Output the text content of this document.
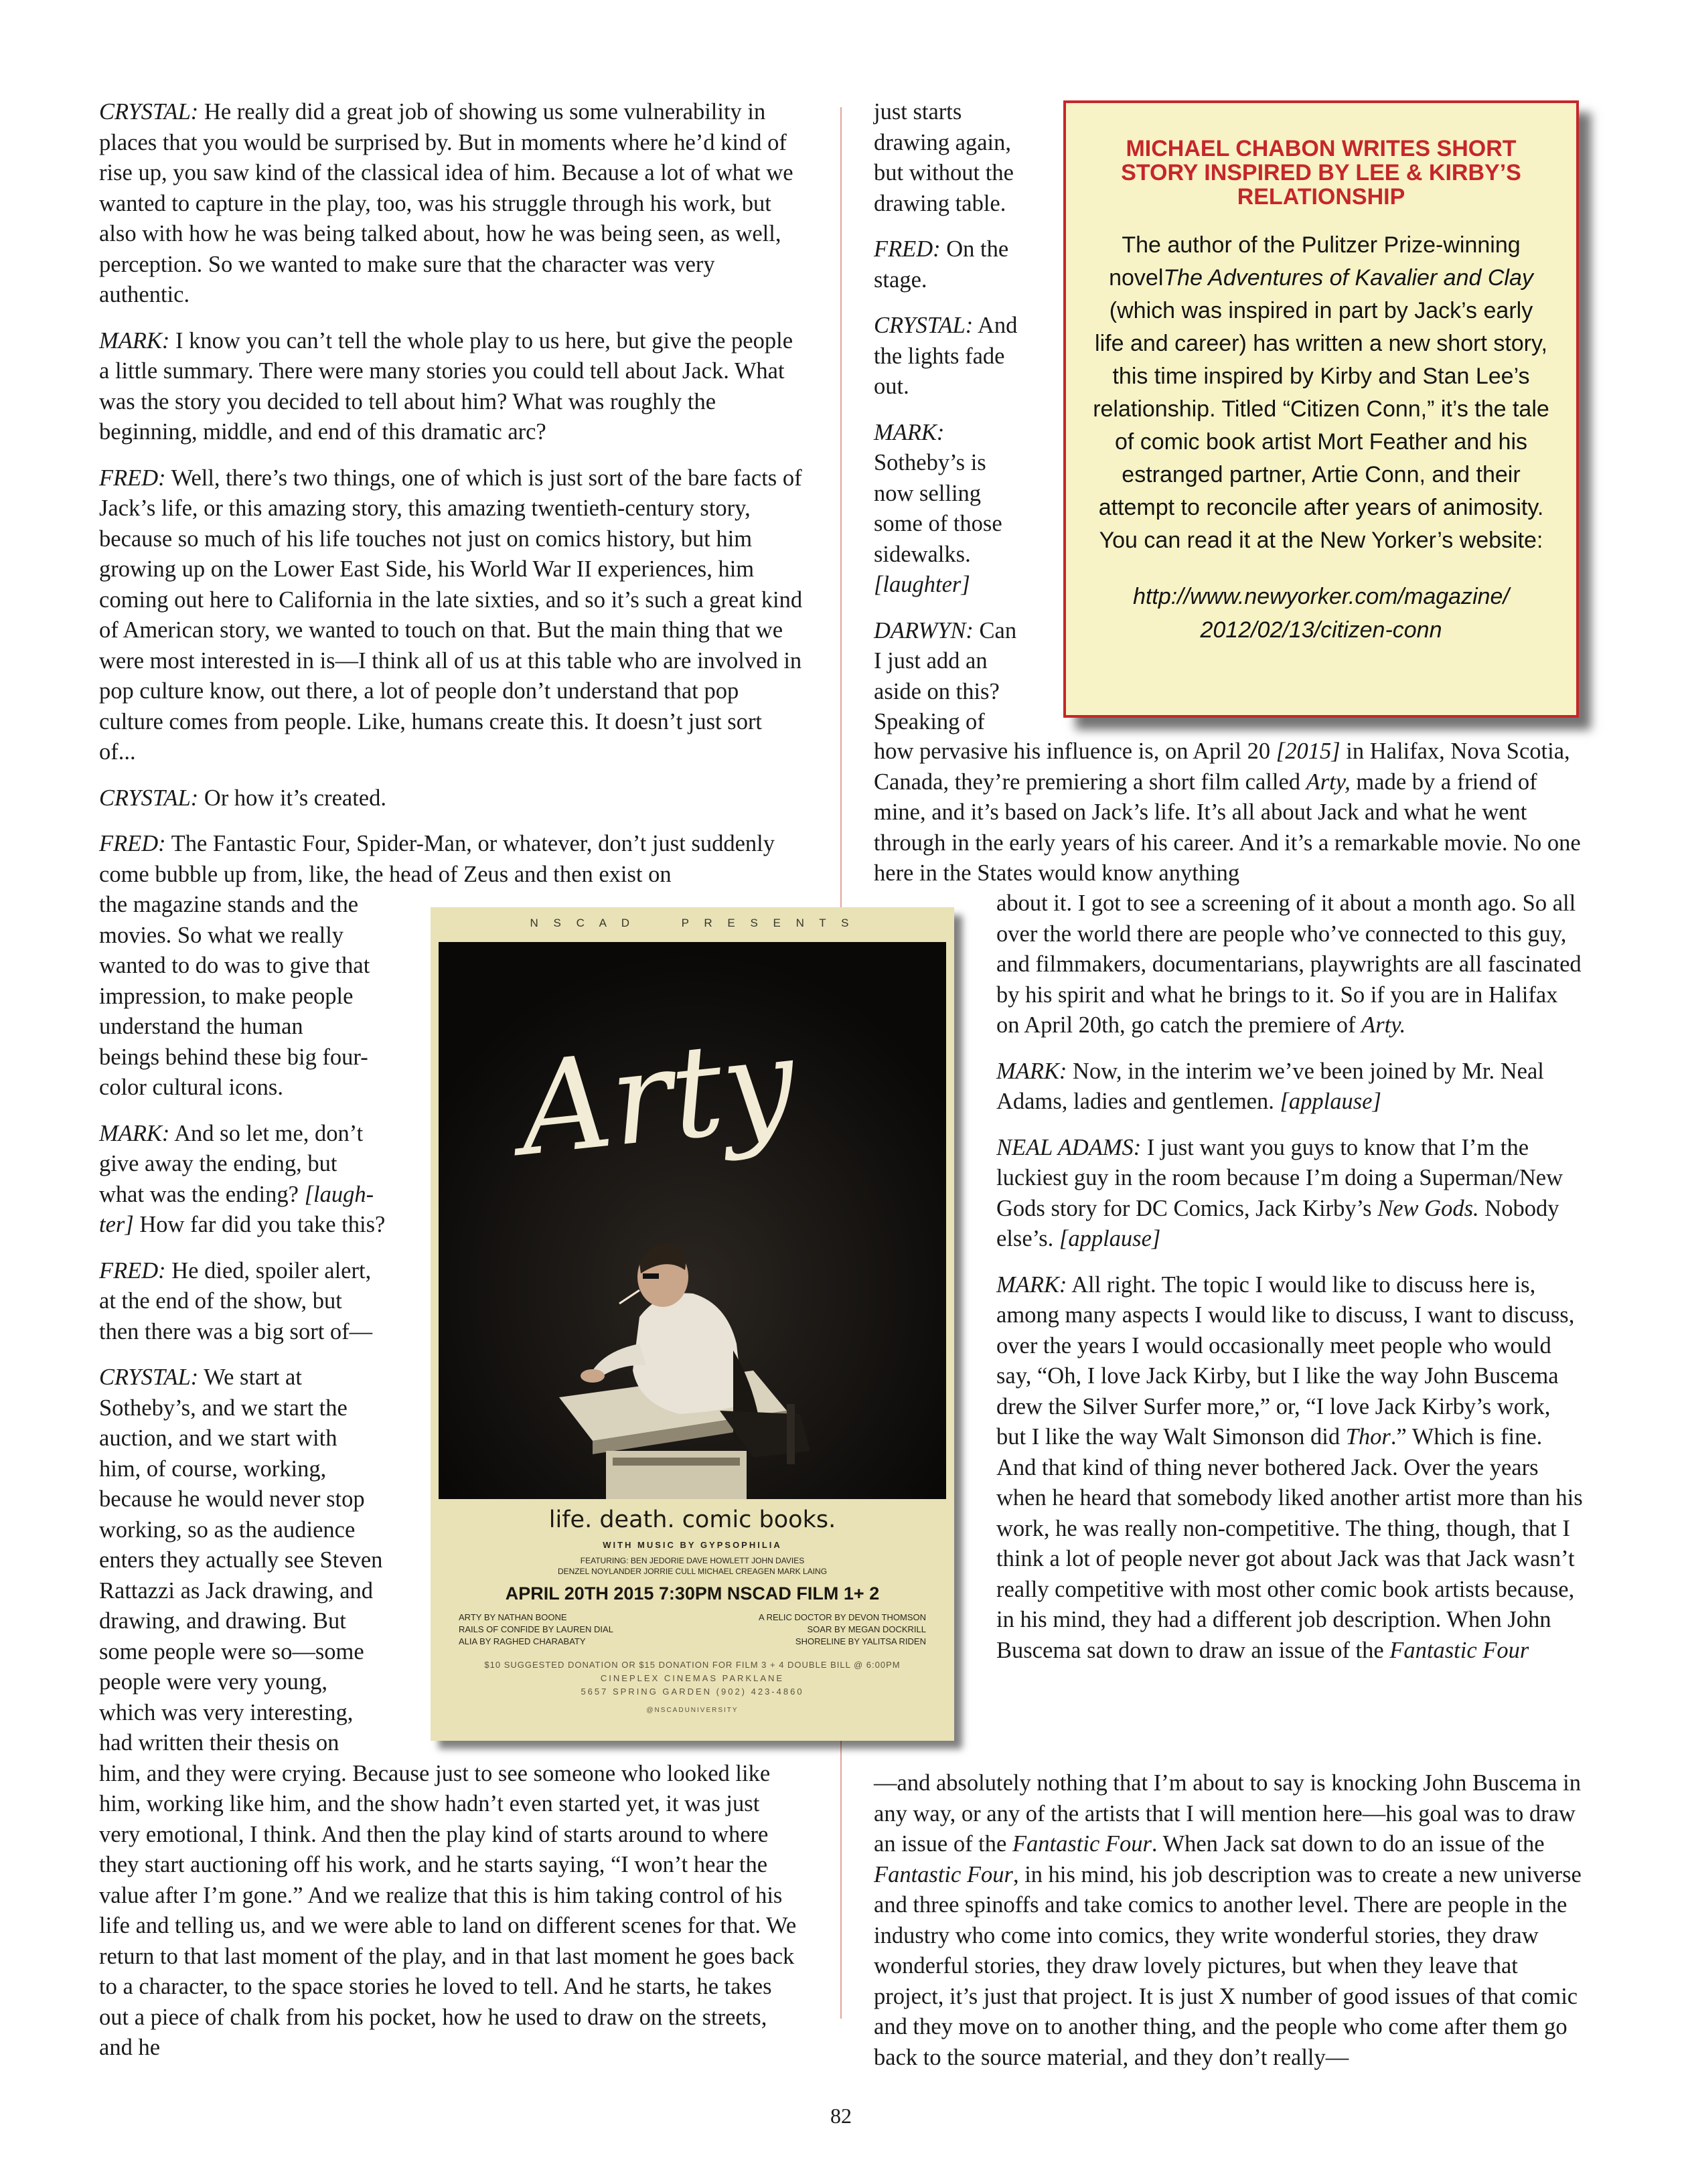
CRYSTAL: He really did a great job of showing us some vulnerability in places that you would be surprised by. But in moments where he’d kind of rise up, you saw kind of the classical idea of him. Because a lot of what we wanted to capture in the play, too, was his struggle through his work, but also with how he was being talked about, how he was being seen, as well, perception. So we wanted to make sure that the character was very authentic.

MARK: I know you can’t tell the whole play to us here, but give the people a little summary. There were many stories you could tell about Jack. What was the story you decided to tell about him? What was roughly the beginning, middle, and end of this dramatic arc?

FRED: Well, there’s two things, one of which is just sort of the bare facts of Jack’s life, or this amazing story, this amazing twentieth-century story, because so much of his life touches not just on comics history, but him growing up on the Lower East Side, his World War II experiences, him coming out here to California in the late sixties, and so it’s such a great kind of American story, we wanted to touch on that. But the main thing that we were most interested in is—I think all of us at this table who are involved in pop culture know, out there, a lot of people don’t understand that pop culture comes from people. Like, humans create this. It doesn’t just sort of...

CRYSTAL: Or how it’s created.

FRED: The Fantastic Four, Spider-Man, or whatever, don’t just suddenly come bubble up from, like, the head of Zeus and then exist on

the magazine stands and the
movies. So what we really
wanted to do was to give that
impression, to make people
understand the human
beings behind these big four-
color cultural icons.
MARK: And so let me, don’t
give away the ending, but
what was the ending? [laugh-
ter] How far did you take this?
FRED: He died, spoiler alert,
at the end of the show, but
then there was a big sort of—
CRYSTAL: We start at
Sotheby’s, and we start the
auction, and we start with
him, of course, working,
because he would never stop
working, so as the audience
enters they actually see Steven
Rattazzi as Jack drawing, and
drawing, and drawing. But
some people were so—some
people were very young,
which was very interesting,
had written their thesis on

him, and they were crying. Because just to see someone who looked like him, working like him, and the show hadn’t even started yet, it was just very emotional, I think. And then the play kind of starts around to where they start auctioning off his work, and he starts saying, “I won’t hear the value after I’m gone.” And we realize that this is him taking control of his life and telling us, and we were able to land on different scenes for that. We return to that last moment of the play, and in that last moment he goes back to a character, to the space stories he loved to tell. And he starts, he takes out a piece of chalk from his pocket, how he used to draw on the streets, and he

just starts
drawing again,
but without the
drawing table.

FRED: On the
stage.

CRYSTAL: And
the lights fade
out.

MARK:
Sotheby’s is
now selling
some of those
sidewalks.
[laughter]

DARWYN: Can
I just add an
aside on this?
Speaking of

how pervasive his influence is, on April 20 [2015] in Halifax, Nova Scotia, Canada, they’re premiering a short film called Arty, made by a friend of mine, and it’s based on Jack’s life. It’s all about Jack and what he went through in the early years of his career. And it’s a remarkable movie. No one here in the States would know anything

about it. I got to see a screening of it about a month ago. So all over the world there are people who’ve connected to this guy, and filmmakers, documentarians, playwrights are all fascinated by his spirit and what he brings to it. So if you are in Halifax on April 20th, go catch the premiere of Arty.

MARK: Now, in the interim we’ve been joined by Mr. Neal Adams, ladies and gentlemen. [applause]

NEAL ADAMS: I just want you guys to know that I’m the luckiest guy in the room because I’m doing a Superman/New Gods story for DC Comics, Jack Kirby’s New Gods. Nobody else’s. [applause]

MARK: All right. The topic I would like to discuss here is, among many aspects I would like to discuss, I want to discuss, over the years I would occasionally meet people who would say, “Oh, I love Jack Kirby, but I like the way John Buscema drew the Silver Surfer more,” or, “I love Jack Kirby’s work, but I like the way Walt Simonson did Thor.” Which is fine. And that kind of thing never bothered Jack. Over the years when he heard that somebody liked another artist more than his work, he was really non-competitive. The thing, though, that I think a lot of people never got about Jack was that Jack wasn’t really competitive with most other comic book artists because, in his mind, they had a different job description. When John Buscema sat down to draw an issue of the Fantastic Four

—and absolutely nothing that I’m about to say is knocking John Buscema in any way, or any of the artists that I will mention here—his goal was to draw an issue of the Fantastic Four. When Jack sat down to do an issue of the Fantastic Four, in his mind, his job description was to create a new universe and three spinoffs and take comics to another level. There are people in the industry who come into comics, they write wonderful stories, they draw wonderful stories, they draw lovely pictures, but when they leave that project, it’s just that project. It is just X number of good issues of that comic and they move on to another thing, and the people who come after them go back to the source material, and they don’t really—

MICHAEL CHABON WRITES SHORT STORY INSPIRED BY LEE & KIRBY’S RELATIONSHIP
The author of the Pulitzer Prize-winning novelThe Adventures of Kavalier and Clay (which was inspired in part by Jack’s early life and career) has written a new short story, this time inspired by Kirby and Stan Lee’s relationship. Titled “Citizen Conn,” it’s the tale of comic book artist Mort Feather and his estranged partner, Artie Conn, and their attempt to reconcile after years of animosity. You can read it at the New Yorker’s website:
http://www.newyorker.com/magazine/
2012/02/13/citizen-conn
N S C A D     P R E S E N T S
Arty
life. death. comic books.
WITH MUSIC BY GYPSOPHILIA
FEATURING: BEN JEDORIE DAVE HOWLETT JOHN DAVIES
DENZEL NOYLANDER JORRIE CULL MICHAEL CREAGEN MARK LAING
APRIL 20TH 2015 7:30PM NSCAD FILM 1+ 2
ARTY BY NATHAN BOONE
RAILS OF CONFIDE BY LAUREN DIAL
ALIA BY RAGHED CHARABATY
A RELIC DOCTOR BY DEVON THOMSON
SOAR BY MEGAN DOCKRILL
SHORELINE BY YALITSA RIDEN
$10 SUGGESTED DONATION OR $15 DONATION FOR FILM 3 + 4 DOUBLE BILL @ 6:00PM
CINEPLEX CINEMAS PARKLANE
5657 SPRING GARDEN (902) 423-4860
@NSCADUNIVERSITY
82
